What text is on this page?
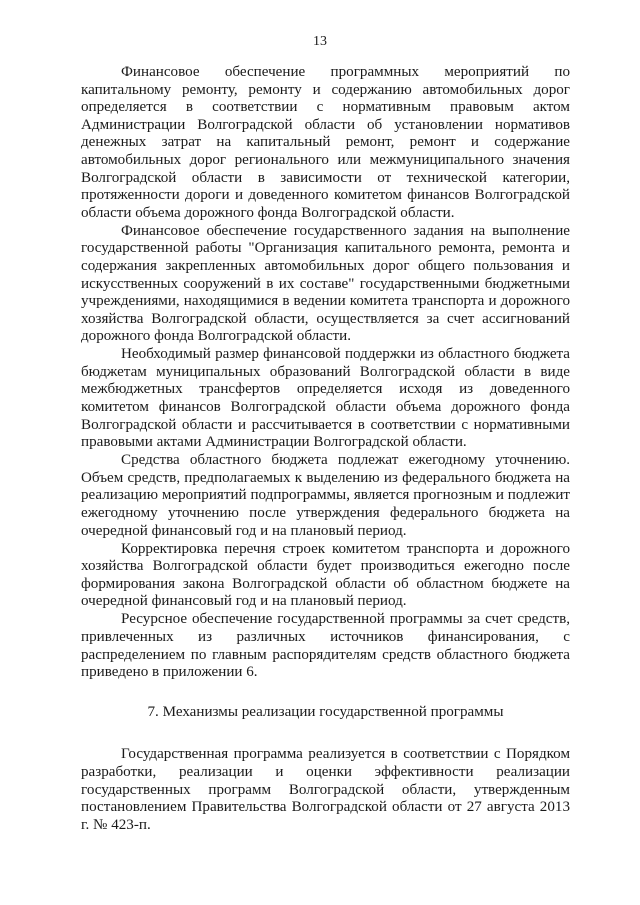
13

Финансовое обеспечение программных мероприятий по капитальному ремонту, ремонту и содержанию автомобильных дорог определяется в соответствии с нормативным правовым актом Администрации Волгоградской области об установлении нормативов денежных затрат на капитальный ремонт, ремонт и содержание автомобильных дорог регионального или межмуниципального значения Волгоградской области в зависимости от технической категории, протяженности дороги и доведенного комитетом финансов Волгоградской области объема дорожного фонда Волгоградской области.

Финансовое обеспечение государственного задания на выполнение государственной работы "Организация капитального ремонта, ремонта и содержания закрепленных автомобильных дорог общего пользования и искусственных сооружений в их составе" государственными бюджетными учреждениями, находящимися в ведении комитета транспорта и дорожного хозяйства Волгоградской области, осуществляется за счет ассигнований дорожного фонда Волгоградской области.

Необходимый размер финансовой поддержки из областного бюджета бюджетам муниципальных образований Волгоградской области в виде межбюджетных трансфертов определяется исходя из доведенного комитетом финансов Волгоградской области объема дорожного фонда Волгоградской области и рассчитывается в соответствии с нормативными правовыми актами Администрации Волгоградской области.

Средства областного бюджета подлежат ежегодному уточнению. Объем средств, предполагаемых к выделению из федерального бюджета на реализацию мероприятий подпрограммы, является прогнозным и подлежит ежегодному уточнению после утверждения федерального бюджета на очередной финансовый год и на плановый период.

Корректировка перечня строек комитетом транспорта и дорожного хозяйства Волгоградской области будет производиться ежегодно после формирования закона Волгоградской области об областном бюджете на очередной финансовый год и на плановый период.

Ресурсное обеспечение государственной программы за счет средств, привлеченных из различных источников финансирования, с распределением по главным распорядителям средств областного бюджета приведено в приложении 6.

7. Механизмы реализации государственной программы

Государственная программа реализуется в соответствии с Порядком разработки, реализации и оценки эффективности реализации государственных программ Волгоградской области, утвержденным постановлением Правительства Волгоградской области от 27 августа 2013 г. № 423-п.
